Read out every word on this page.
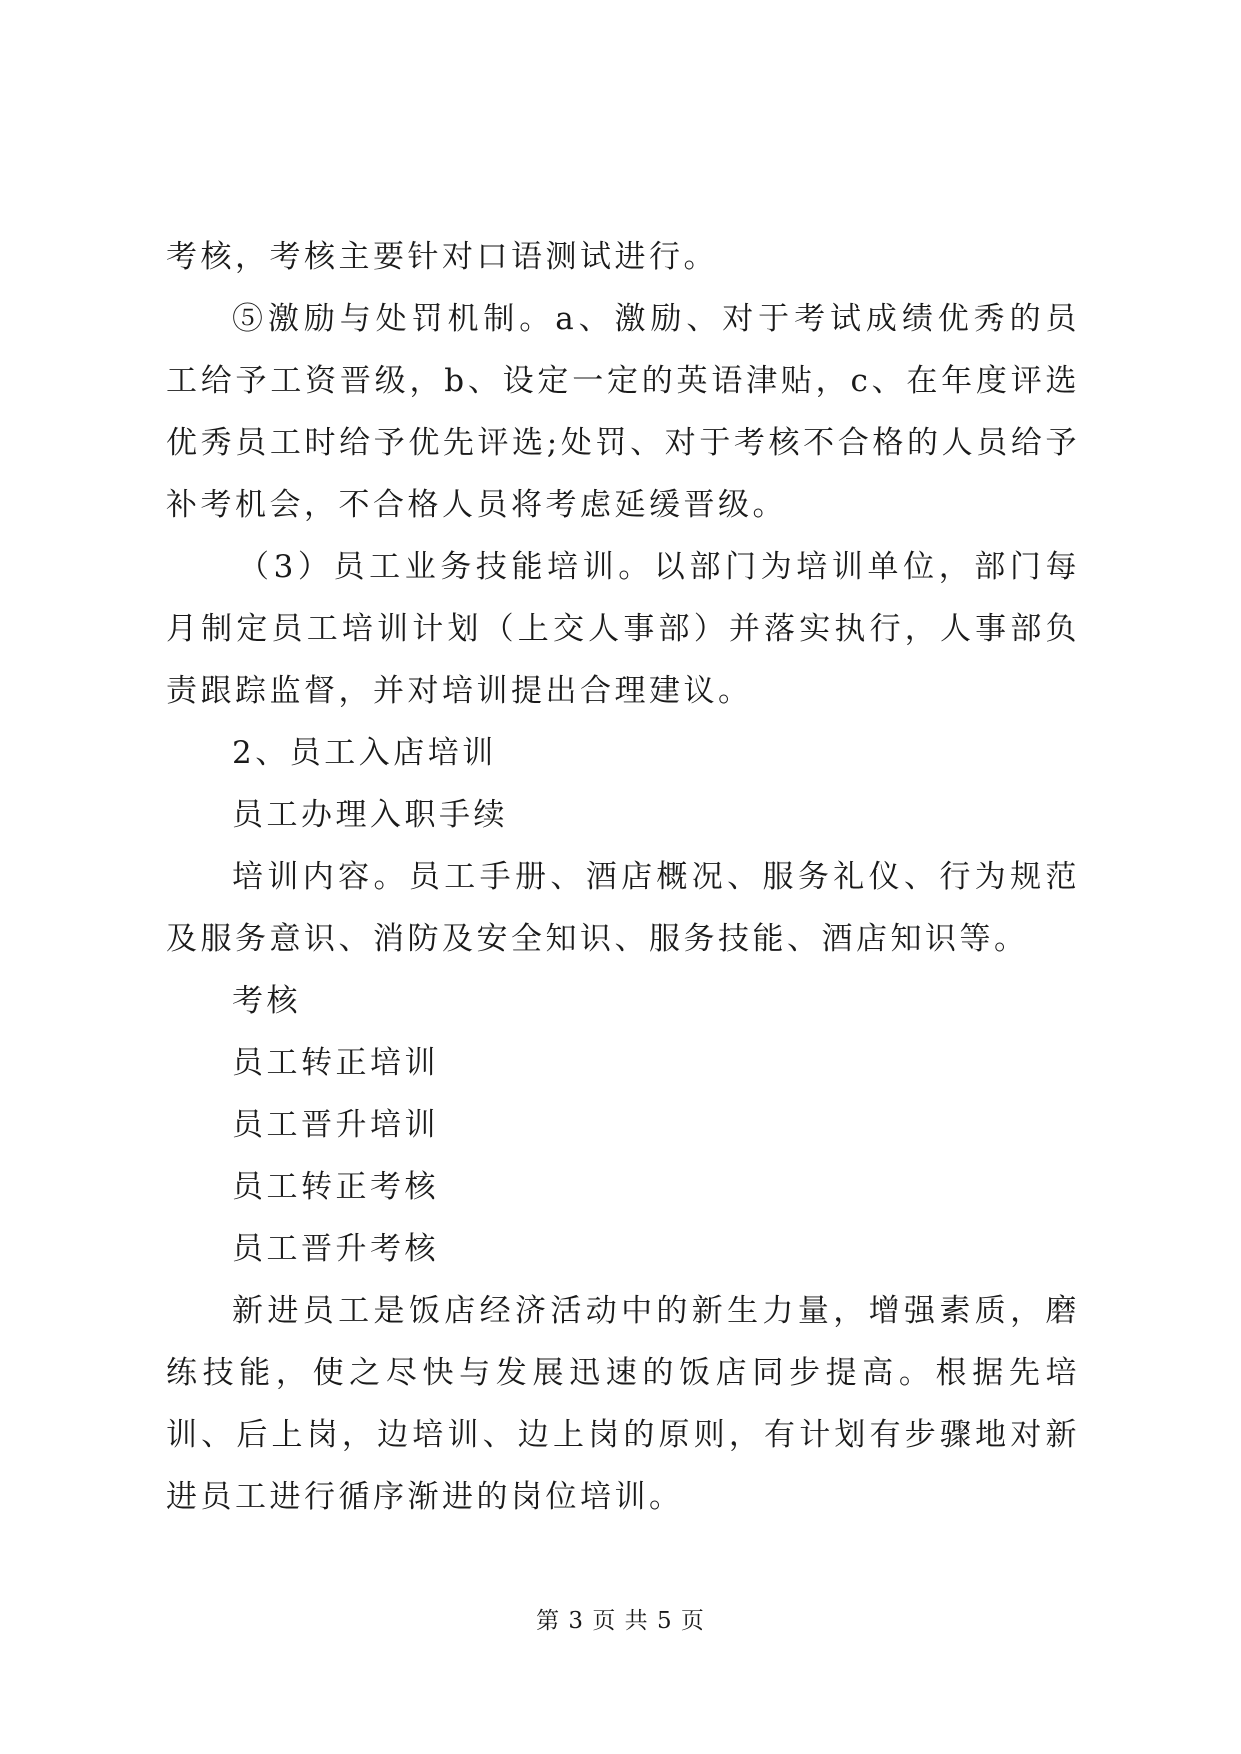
考核，考核主要针对口语测试进行。

⑤激励与处罚机制。a、激励、对于考试成绩优秀的员工给予工资晋级，b、设定一定的英语津贴，c、在年度评选优秀员工时给予优先评选;处罚、对于考核不合格的人员给予补考机会，不合格人员将考虑延缓晋级。

（3）员工业务技能培训。以部门为培训单位，部门每月制定员工培训计划（上交人事部）并落实执行，人事部负责跟踪监督，并对培训提出合理建议。

2、员工入店培训

员工办理入职手续

培训内容。员工手册、酒店概况、服务礼仪、行为规范及服务意识、消防及安全知识、服务技能、酒店知识等。

考核

员工转正培训

员工晋升培训

员工转正考核

员工晋升考核

新进员工是饭店经济活动中的新生力量，增强素质，磨练技能，使之尽快与发展迅速的饭店同步提高。根据先培训、后上岗，边培训、边上岗的原则，有计划有步骤地对新进员工进行循序渐进的岗位培训。

第 3 页 共 5 页
